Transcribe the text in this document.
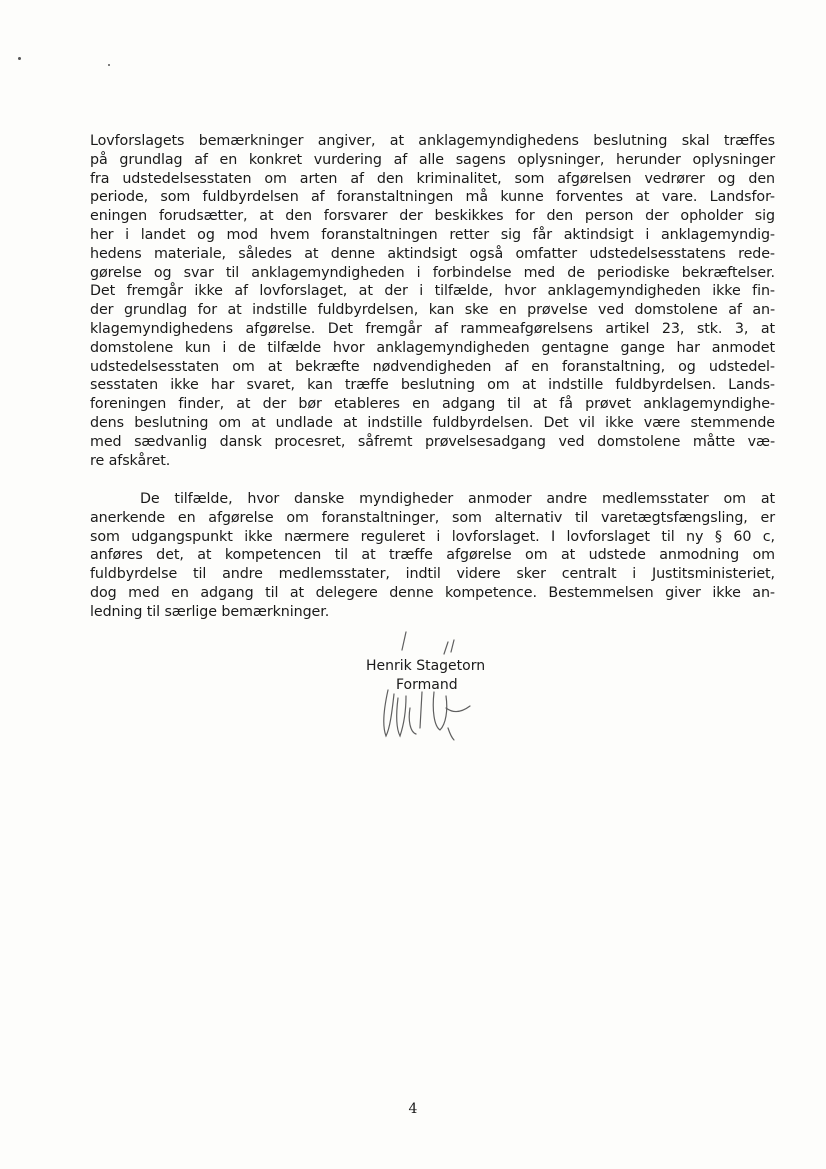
Lovforslagets bemærkninger angiver, at anklagemyndighedens beslutning skal træffes
på grundlag af en konkret vurdering af alle sagens oplysninger, herunder oplysninger
fra udstedelsesstaten om arten af den kriminalitet, som afgørelsen vedrører og den
periode, som fuldbyrdelsen af foranstaltningen må kunne forventes at vare. Landsfor-
eningen forudsætter, at den forsvarer der beskikkes for den person der opholder sig
her i landet og mod hvem foranstaltningen retter sig får aktindsigt i anklagemyndig-
hedens materiale, således at denne aktindsigt også omfatter udstedelsesstatens rede-
gørelse og svar til anklagemyndigheden i forbindelse med de periodiske bekræftelser.
Det fremgår ikke af lovforslaget, at der i tilfælde, hvor anklagemyndigheden ikke fin-
der grundlag for at indstille fuldbyrdelsen, kan ske en prøvelse ved domstolene af an-
klagemyndighedens afgørelse. Det fremgår af rammeafgørelsens artikel 23, stk. 3, at
domstolene kun i de tilfælde hvor anklagemyndigheden gentagne gange har anmodet
udstedelsesstaten om at bekræfte nødvendigheden af en foranstaltning, og udstedel-
sesstaten ikke har svaret, kan træffe beslutning om at indstille fuldbyrdelsen. Lands-
foreningen finder, at der bør etableres en adgang til at få prøvet anklagemyndighe-
dens beslutning om at undlade at indstille fuldbyrdelsen. Det vil ikke være stemmende
med sædvanlig dansk procesret, såfremt prøvelsesadgang ved domstolene måtte væ-
re afskåret.
De tilfælde, hvor danske myndigheder anmoder andre medlemsstater om at
anerkende en afgørelse om foranstaltninger, som alternativ til varetægtsfængsling, er
som udgangspunkt ikke nærmere reguleret i lovforslaget. I lovforslaget til ny § 60 c,
anføres det, at kompetencen til at træffe afgørelse om at udstede anmodning om
fuldbyrdelse til andre medlemsstater, indtil videre sker centralt i Justitsministeriet,
dog med en adgang til at delegere denne kompetence. Bestemmelsen giver ikke an-
ledning til særlige bemærkninger.
Henrik Stagetorn
Formand
4
